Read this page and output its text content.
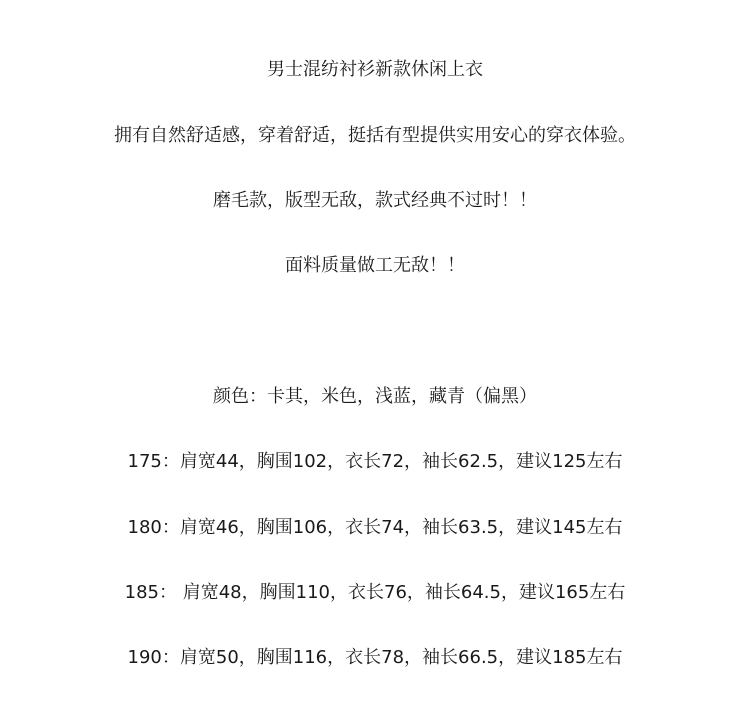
男士混纺衬衫新款休闲上衣
拥有自然舒适感，穿着舒适，挺括有型提供实用安心的穿衣体验。
磨毛款，版型无敌，款式经典不过时！！
面料质量做工无敌！！
颜色：卡其，米色，浅蓝，藏青（偏黑）
175：肩宽44，胸围102，衣长72，袖长62.5，建议125左右
180：肩宽46，胸围106，衣长74，袖长63.5，建议145左右
185： 肩宽48，胸围110，衣长76，袖长64.5，建议165左右
190：肩宽50，胸围116，衣长78，袖长66.5，建议185左右
